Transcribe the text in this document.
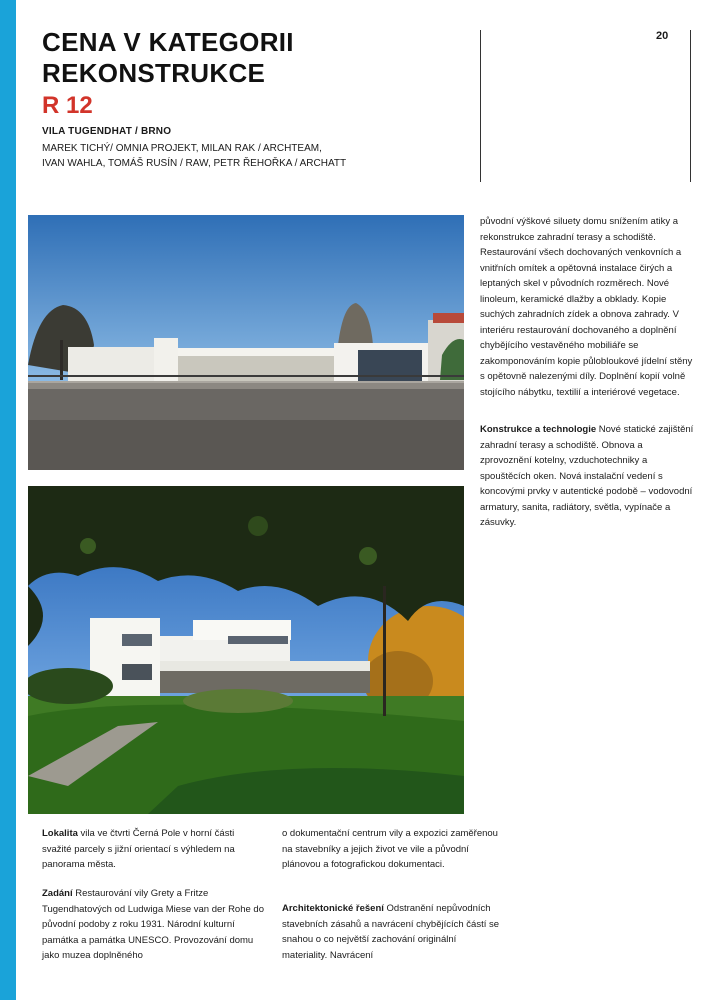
20
CENA V KATEGORII
REKONSTRUKCE
R 12
VILA TUGENDHAT / BRNO
MAREK TICHÝ/ OMNIA PROJEKT, MILAN RAK / ARCHTEAM,
IVAN WAHLA, TOMÁŠ RUSÍN / RAW, PETR ŘEHOŘKA / ARCHATT

původní výškové siluety domu snížením atiky a rekonstrukce zahradní terasy a schodiště. Restaurování všech dochovaných venkovních a vnitřních omítek a opětovná instalace čirých a leptaných skel v původních rozměrech. Nové linoleum, keramické dlažby a obklady. Kopie suchých zahradních zídek a obnova zahrady. V interiéru restaurování dochovaného a doplnění chybějícího vestavěného mobiliáře se zakomponováním kopie půlobloukové jídelní stěny s opětovně nalezenými díly. Doplnění kopií volně stojícího nábytku, textilií a interiérové vegetace.

Konstrukce a technologie Nové statické zajištění zahradní terasy a schodiště. Obnova a zprovoznění kotelny, vzduchotechniky a spouštěcích oken. Nová instalační vedení s koncovými prvky v autentické podobě – vodovodní armatury, sanita, radiátory, světla, vypínače a zásuvky.

Lokalita vila ve čtvrti Černá Pole v horní části svažité parcely s jižní orientací s výhledem na panorama města.

Zadání Restaurování vily Grety a Fritze Tugendhatových od Ludwiga Miese van der Rohe do původní podoby z roku 1931. Národní kulturní památka a památka UNESCO. Provozování domu jako muzea doplněného

o dokumentační centrum vily a expozici zaměřenou na stavebníky a jejich život ve vile a původní plánovou a fotografickou dokumentaci.

Architektonické řešení Odstranění nepůvodních stavebních zásahů a navrácení chybějících částí se snahou o co největší zachování originální materiality. Navrácení
